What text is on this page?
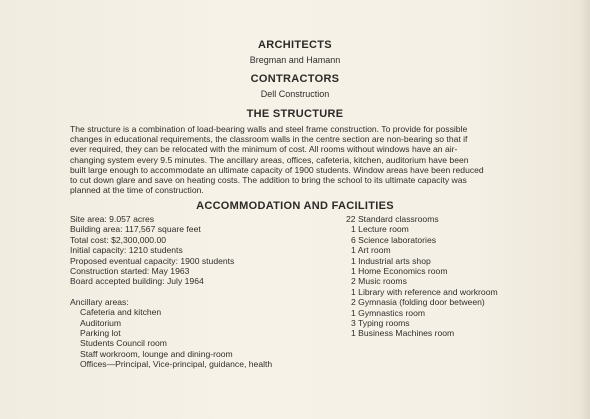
ARCHITECTS
Bregman and Hamann
CONTRACTORS
Dell Construction
THE STRUCTURE
The structure is a combination of load-bearing walls and steel frame construction. To provide for possible
changes in educational requirements, the classroom walls in the centre section are non-bearing so that if
ever required, they can be relocated with the minimum of cost. All rooms without windows have an air-
changing system every 9.5 minutes. The ancillary areas, offices, cafeteria, kitchen, auditorium have been
built large enough to accommodate an ultimate capacity of 1900 students. Window areas have been reduced
to cut down glare and save on heating costs. The addition to bring the school to its ultimate capacity was
planned at the time of construction.
ACCOMMODATION AND FACILITIES
Site area: 9.057 acres
Building area: 117,567 square feet
Total cost: $2,300,000.00
Initial capacity: 1210 students
Proposed eventual capacity: 1900 students
Construction started: May 1963
Board accepted building: July 1964
Ancillary areas:
Cafeteria and kitchen
Auditorium
Parking lot
Students Council room
Staff workroom, lounge and dining-room
Offices—Principal, Vice-principal, guidance, health
22 Standard classrooms
1 Lecture room
6 Science laboratories
1 Art room
1 Industrial arts shop
1 Home Economics room
2 Music rooms
1 Library with reference and workroom
2 Gymnasia (folding door between)
1 Gymnastics room
3 Typing rooms
1 Business Machines room
